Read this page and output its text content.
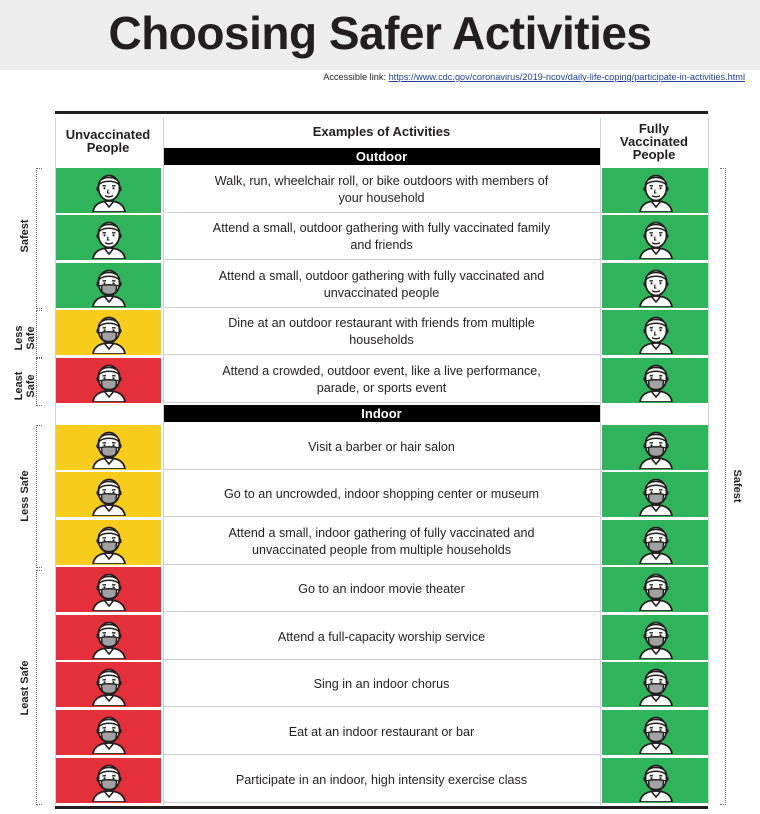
Choosing Safer Activities
Accessible link: https://www.cdc.gov/coronavirus/2019-ncov/daily-life-coping/participate-in-activities.html
Unvaccinated People
Examples of Activities	Fully Vaccinated People
Outdoor
Walk, run, wheelchair roll, or bike outdoors with members of your household
Attend a small, outdoor gathering with fully vaccinated family and friends
Attend a small, outdoor gathering with fully vaccinated and unvaccinated people
Dine at an outdoor restaurant with friends from multiple households
Attend a crowded, outdoor event, like a live performance, parade, or sports event
Indoor
Visit a barber or hair salon
Go to an uncrowded, indoor shopping center or museum
Attend a small, indoor gathering of fully vaccinated and unvaccinated people from multiple households
Go to an indoor movie theater
Attend a full-capacity worship service
Sing in an indoor chorus
Eat at an indoor restaurant or bar
Participate in an indoor, high intensity exercise class
Safest
Less
Safe
Least
Safe
Less Safe
Least Safe
Safest
